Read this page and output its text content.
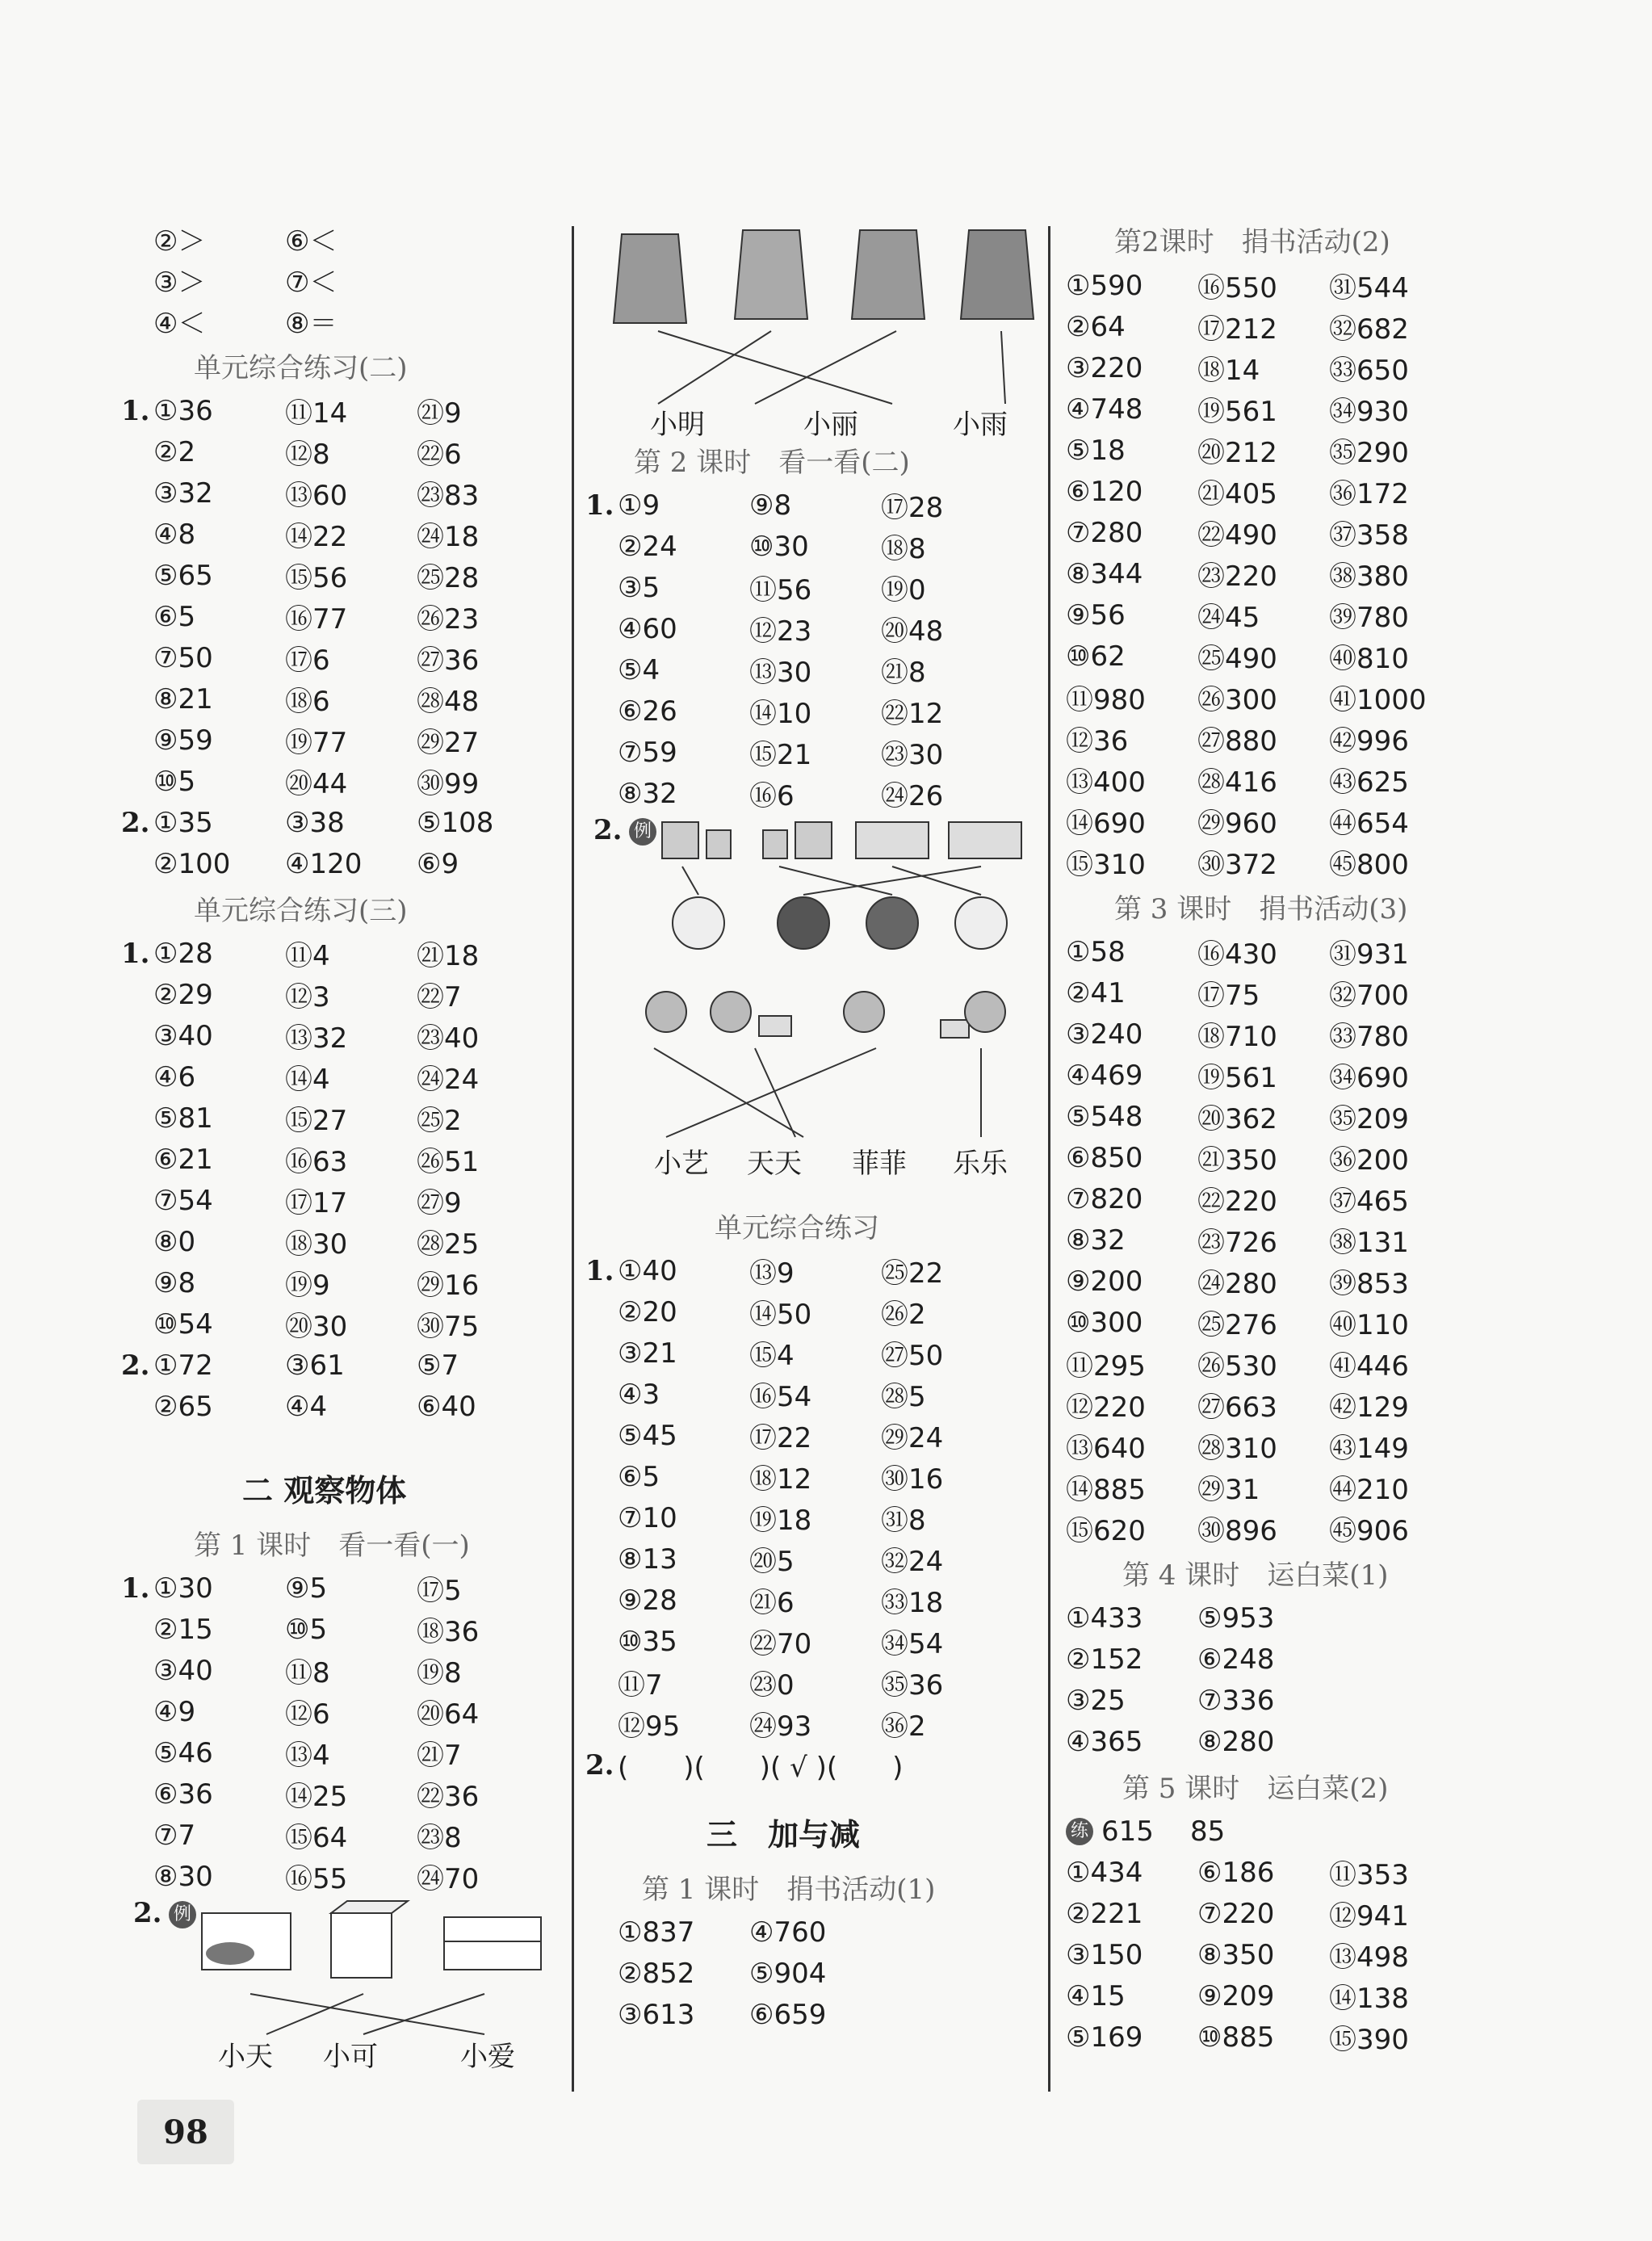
②＞	⑥＜
③＞	⑦＜
④＜	⑧＝
单元综合练习(二)
1. ①36	⑪14	㉑9
②2	⑫8	㉒6
③32	⑬60	㉓83
④8	⑭22	㉔18
⑤65	⑮56	㉕28
⑥5	⑯77	㉖23
⑦50	⑰6	㉗36
⑧21	⑱6	㉘48
⑨59	⑲77	㉙27
⑩5	⑳44	㉚99
2. ①35	③38	⑤108
②100	④120	⑥9
单元综合练习(三)
1. ①28	⑪4	㉑18
②29	⑫3	㉒7
③40	⑬32	㉓40
④6	⑭4	㉔24
⑤81	⑮27	㉕2
⑥21	⑯63	㉖51
⑦54	⑰17	㉗9
⑧0	⑱30	㉘25
⑨8	⑲9	㉙16
⑩54	⑳30	㉚75
2. ①72	③61	⑤7
②65	④4	⑥40
二 观察物体
第 1 课时　看一看(一)
1. ①30	⑨5	⑰5
②15	⑩5	⑱36
③40	⑪8	⑲8
④9	⑫6	⑳64
⑤46	⑬4	㉑7
⑥36	⑭25	㉒36
⑦7	⑮64	㉓8
⑧30	⑯55	㉔70
2. 例
小天 小可	小爱
小明	小丽	小雨
第 2 课时　看一看(二)
1. ①9	⑨8	⑰28
②24	⑩30	⑱8
③5	⑪56	⑲0
④60	⑫23	⑳48
⑤4	⑬30	㉑8
⑥26	⑭10	㉒12
⑦59	⑮21	㉓30
⑧32	⑯6	㉔26
2. 例
小艺 天天 菲菲 乐乐
单元综合练习
1. ①40	⑬9	㉕22
②20	⑭50	㉖2
③21	⑮4	㉗50
④3	⑯54	㉘5
⑤45	⑰22	㉙24
⑥5	⑱12	㉚16
⑦10	⑲18	㉛8
⑧13	⑳5	㉜24
⑨28	㉑6	㉝18
⑩35	㉒70	㉞54
⑪7	㉓0	㉟36
⑫95	㉔93	㊱2
2. (　　)(　　)( √ )(　　)
三　加与减
第 1 课时　捐书活动(1)
①837	④760
②852	⑤904
③613	⑥659
第2课时　捐书活动(2)
①590	⑯550	㉛544
②64	⑰212	㉜682
③220	⑱14	㉝650
④748	⑲561	㉞930
⑤18	⑳212	㉟290
⑥120	㉑405	㊱172
⑦280	㉒490	㊲358
⑧344	㉓220	㊳380
⑨56	㉔45	㊴780
⑩62	㉕490	㊵810
⑪980	㉖300	㊶1000
⑫36	㉗880	㊷996
⑬400	㉘416	㊸625
⑭690	㉙960	㊹654
⑮310	㉚372	㊺800
第 3 课时　捐书活动(3)
①58	⑯430	㉛931
②41	⑰75	㉜700
③240	⑱710	㉝780
④469	⑲561	㉞690
⑤548	⑳362	㉟209
⑥850	㉑350	㊱200
⑦820	㉒220	㊲465
⑧32	㉓726	㊳131
⑨200	㉔280	㊴853
⑩300	㉕276	㊵110
⑪295	㉖530	㊶446
⑫220	㉗663	㊷129
⑬640	㉘310	㊸149
⑭885	㉙31	㊹210
⑮620	㉚896	㊺906
第 4 课时　运白菜(1)
①433	⑤953
②152	⑥248
③25	⑦336
④365	⑧280
第 5 课时　运白菜(2)
练 615	85
①434	⑥186	⑪353
②221	⑦220	⑫941
③150	⑧350	⑬498
④15	⑨209	⑭138
⑤169	⑩885	⑮390
98
